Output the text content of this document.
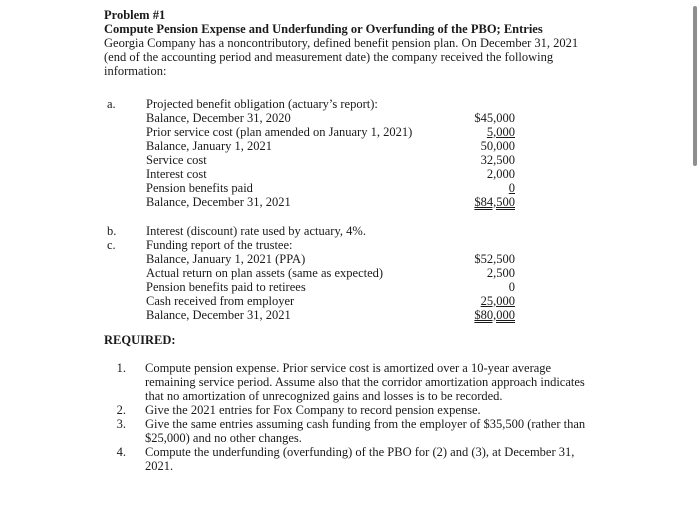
Problem #1
Compute Pension Expense and Underfunding or Overfunding of the PBO; Entries
Georgia Company has a noncontributory, defined benefit pension plan. On December 31, 2021 (end of the accounting period and measurement date) the company received the following information:
a. Projected benefit obligation (actuary’s report):
Balance, December 31, 2020	$45,000
Prior service cost (plan amended on January 1, 2021)	5,000
Balance, January 1, 2021	50,000
Service cost	32,500
Interest cost	2,000
Pension benefits paid	0
Balance, December 31, 2021	$84,500
b. Interest (discount) rate used by actuary, 4%.
c. Funding report of the trustee:
Balance, January 1, 2021 (PPA)	$52,500
Actual return on plan assets (same as expected)	2,500
Pension benefits paid to retirees	0
Cash received from employer	25,000
Balance, December 31, 2021	$80,000
REQUIRED:
1. Compute pension expense. Prior service cost is amortized over a 10-year average remaining service period. Assume also that the corridor amortization approach indicates that no amortization of unrecognized gains and losses is to be recorded.
2. Give the 2021 entries for Fox Company to record pension expense.
3. Give the same entries assuming cash funding from the employer of $35,500 (rather than $25,000) and no other changes.
4. Compute the underfunding (overfunding) of the PBO for (2) and (3), at December 31, 2021.
